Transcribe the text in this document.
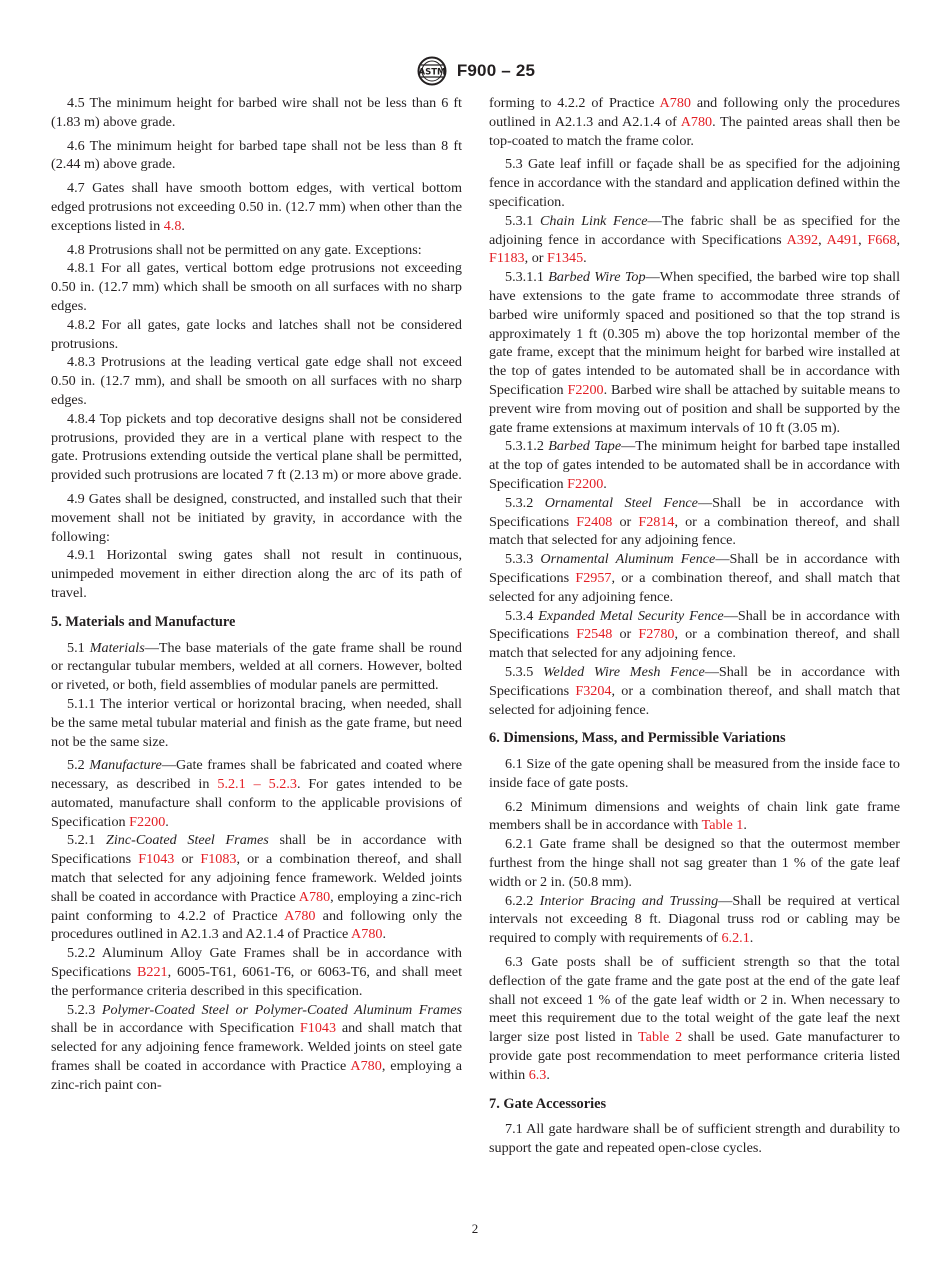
ASTM F900 – 25

4.5 The minimum height for barbed wire shall not be less than 6 ft (1.83 m) above grade.

4.6 The minimum height for barbed tape shall not be less than 8 ft (2.44 m) above grade.

4.7 Gates shall have smooth bottom edges, with vertical bottom edged protrusions not exceeding 0.50 in. (12.7 mm) when other than the exceptions listed in 4.8.

4.8 Protrusions shall not be permitted on any gate. Exceptions:

4.8.1 For all gates, vertical bottom edge protrusions not exceeding 0.50 in. (12.7 mm) which shall be smooth on all surfaces with no sharp edges.

4.8.2 For all gates, gate locks and latches shall not be considered protrusions.

4.8.3 Protrusions at the leading vertical gate edge shall not exceed 0.50 in. (12.7 mm), and shall be smooth on all surfaces with no sharp edges.

4.8.4 Top pickets and top decorative designs shall not be considered protrusions, provided they are in a vertical plane with respect to the gate. Protrusions extending outside the vertical plane shall be permitted, provided such protrusions are located 7 ft (2.13 m) or more above grade.

4.9 Gates shall be designed, constructed, and installed such that their movement shall not be initiated by gravity, in accordance with the following:

4.9.1 Horizontal swing gates shall not result in continuous, unimpeded movement in either direction along the arc of its path of travel.

5. Materials and Manufacture

5.1 Materials—The base materials of the gate frame shall be round or rectangular tubular members, welded at all corners. However, bolted or riveted, or both, field assemblies of modular panels are permitted.

5.1.1 The interior vertical or horizontal bracing, when needed, shall be the same metal tubular material and finish as the gate frame, but need not be the same size.

5.2 Manufacture—Gate frames shall be fabricated and coated where necessary, as described in 5.2.1 – 5.2.3. For gates intended to be automated, manufacture shall conform to the applicable provisions of Specification F2200.

5.2.1 Zinc-Coated Steel Frames shall be in accordance with Specifications F1043 or F1083, or a combination thereof, and shall match that selected for any adjoining fence framework. Welded joints shall be coated in accordance with Practice A780, employing a zinc-rich paint conforming to 4.2.2 of Practice A780 and following only the procedures outlined in A2.1.3 and A2.1.4 of Practice A780.

5.2.2 Aluminum Alloy Gate Frames shall be in accordance with Specifications B221, 6005-T61, 6061-T6, or 6063-T6, and shall meet the performance criteria described in this specification.

5.2.3 Polymer-Coated Steel or Polymer-Coated Aluminum Frames shall be in accordance with Specification F1043 and shall match that selected for any adjoining fence framework. Welded joints on steel gate frames shall be coated in accordance with Practice A780, employing a zinc-rich paint con-

forming to 4.2.2 of Practice A780 and following only the procedures outlined in A2.1.3 and A2.1.4 of A780. The painted areas shall then be top-coated to match the frame color.

5.3 Gate leaf infill or façade shall be as specified for the adjoining fence in accordance with the standard and application defined within the specification.

5.3.1 Chain Link Fence—The fabric shall be as specified for the adjoining fence in accordance with Specifications A392, A491, F668, F1183, or F1345.

5.3.1.1 Barbed Wire Top—When specified, the barbed wire top shall have extensions to the gate frame to accommodate three strands of barbed wire uniformly spaced and positioned so that the top strand is approximately 1 ft (0.305 m) above the top horizontal member of the gate frame, except that the minimum height for barbed wire installed at the top of gates intended to be automated shall be in accordance with Specification F2200. Barbed wire shall be attached by suitable means to prevent wire from moving out of position and shall be supported by the gate frame extensions at maximum intervals of 10 ft (3.05 m).

5.3.1.2 Barbed Tape—The minimum height for barbed tape installed at the top of gates intended to be automated shall be in accordance with Specification F2200.

5.3.2 Ornamental Steel Fence—Shall be in accordance with Specifications F2408 or F2814, or a combination thereof, and shall match that selected for any adjoining fence.

5.3.3 Ornamental Aluminum Fence—Shall be in accordance with Specifications F2957, or a combination thereof, and shall match that selected for any adjoining fence.

5.3.4 Expanded Metal Security Fence—Shall be in accordance with Specifications F2548 or F2780, or a combination thereof, and shall match that selected for any adjoining fence.

5.3.5 Welded Wire Mesh Fence—Shall be in accordance with Specifications F3204, or a combination thereof, and shall match that selected for adjoining fence.

6. Dimensions, Mass, and Permissible Variations

6.1 Size of the gate opening shall be measured from the inside face to inside face of gate posts.

6.2 Minimum dimensions and weights of chain link gate frame members shall be in accordance with Table 1.

6.2.1 Gate frame shall be designed so that the outermost member furthest from the hinge shall not sag greater than 1 % of the gate leaf width or 2 in. (50.8 mm).

6.2.2 Interior Bracing and Trussing—Shall be required at vertical intervals not exceeding 8 ft. Diagonal truss rod or cabling may be required to comply with requirements of 6.2.1.

6.3 Gate posts shall be of sufficient strength so that the total deflection of the gate frame and the gate post at the end of the gate leaf shall not exceed 1 % of the gate leaf width or 2 in. When necessary to meet this requirement due to the total weight of the gate leaf the next larger size post listed in Table 2 shall be used. Gate manufacturer to provide gate post recommendation to meet performance criteria listed within 6.3.

7. Gate Accessories

7.1 All gate hardware shall be of sufficient strength and durability to support the gate and repeated open-close cycles.

2
